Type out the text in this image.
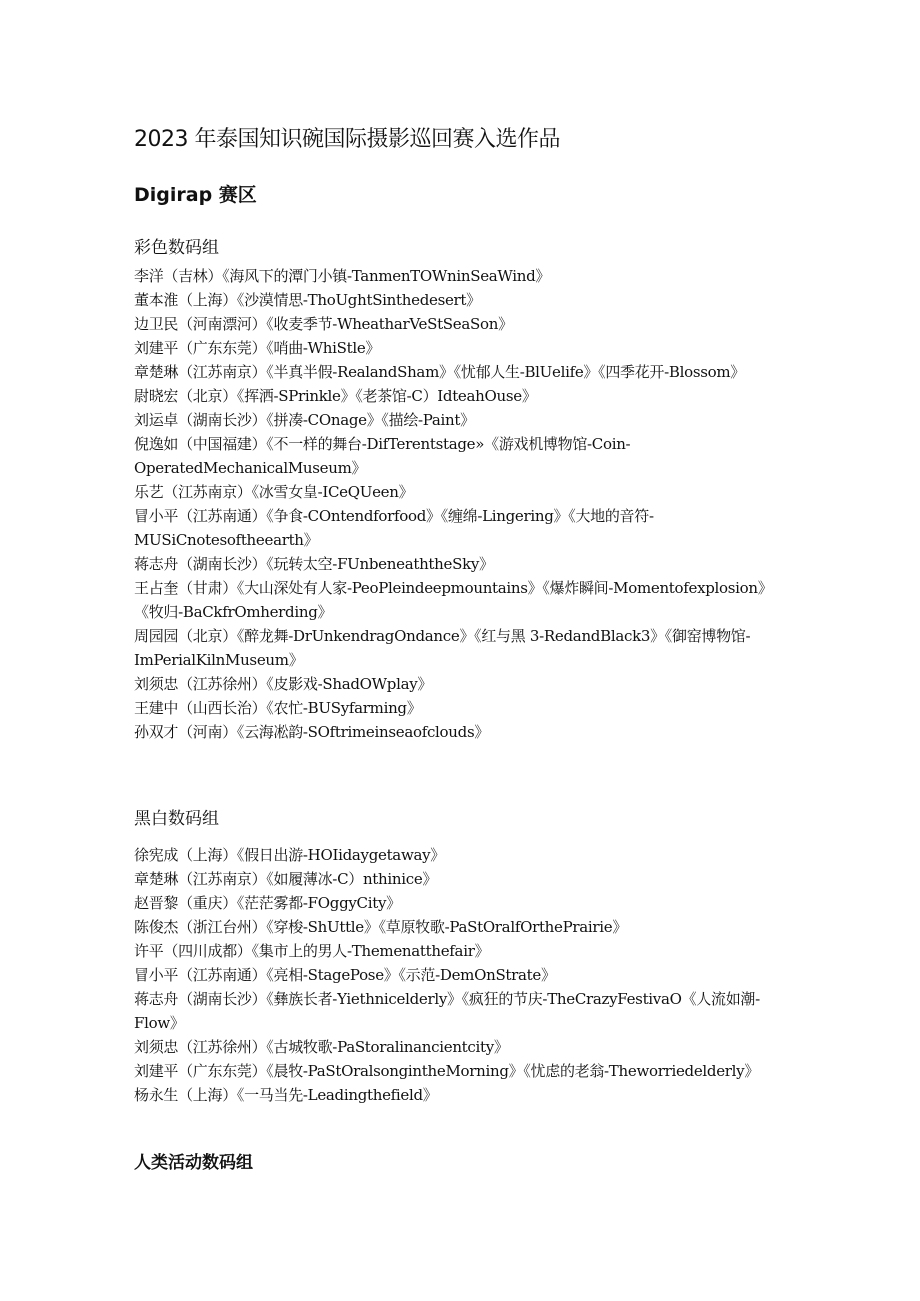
2023 年泰国知识碗国际摄影巡回赛入选作品
Digirap 赛区
彩色数码组
李洋（吉林）《海风下的潭门小镇-TanmenTOWninSeaWind》
董本淮（上海）《沙漠情思-ThoUghtSinthedesert》
边卫民（河南漂河）《收麦季节-WheatharVeStSeaSon》
刘建平（广东东莞）《哨曲-WhiStle》
章楚琳（江苏南京）《半真半假-RealandSham》《忧郁人生-BlUelife》《四季花开-Blossom》
尉晓宏（北京）《挥洒-SPrinkle》《老茶馆-C）IdteahOuse》
刘运卓（湖南长沙）《拼凑-COnage》《描绘-Paint》
倪逸如（中国福建）《不一样的舞台-DifTerentstage»《游戏机博物馆-Coin-OperatedMechanicalMuseum》
乐艺（江苏南京）《冰雪女皇-ICeQUeen》
冒小平（江苏南通）《争食-COntendforfood》《缠绵-Lingering》《大地的音符-MUSiCnotesoftheearth》
蒋志舟（湖南长沙）《玩转太空-FUnbeneaththeSky》
王占奎（甘肃）《大山深处有人家-PeoPleindeepmountains》《爆炸瞬间-Momentofexplosion》《牧归-BaCkfrOmherding》
周园园（北京）《醉龙舞-DrUnkendragOndance》《红与黑 3-RedandBlack3》《御窑博物馆-ImPerialKilnMuseum》
刘须忠（江苏徐州）《皮影戏-ShadOWplay》
王建中（山西长治）《农忙-BUSyfarming》
孙双才（河南）《云海凇韵-SOftrimeinseaofclouds》
黑白数码组
徐宪成（上海）《假日出游-HOIidaygetaway》
章楚琳（江苏南京）《如履薄冰-C）nthinice》
赵晋黎（重庆）《茫茫雾都-FOggyCity》
陈俊杰（浙江台州）《穿梭-ShUttle》《草原牧歌-PaStOralfOrthePrairie》
许平（四川成都）《集市上的男人-Themenatthefair》
冒小平（江苏南通）《亮相-StagePose》《示范-DemOnStrate》
蒋志舟（湖南长沙）《彝族长者-Yiethnicelderly》《疯狂的节庆-TheCrazyFestivaO《人流如潮-Flow》
刘须忠（江苏徐州）《古城牧歌-PaStoralinancientcity》
刘建平（广东东莞）《晨牧-PaStOralsongintheMorning》《忧虑的老翁-Theworriedelderly》
杨永生（上海）《一马当先-Leadingthefield》
人类活动数码组
